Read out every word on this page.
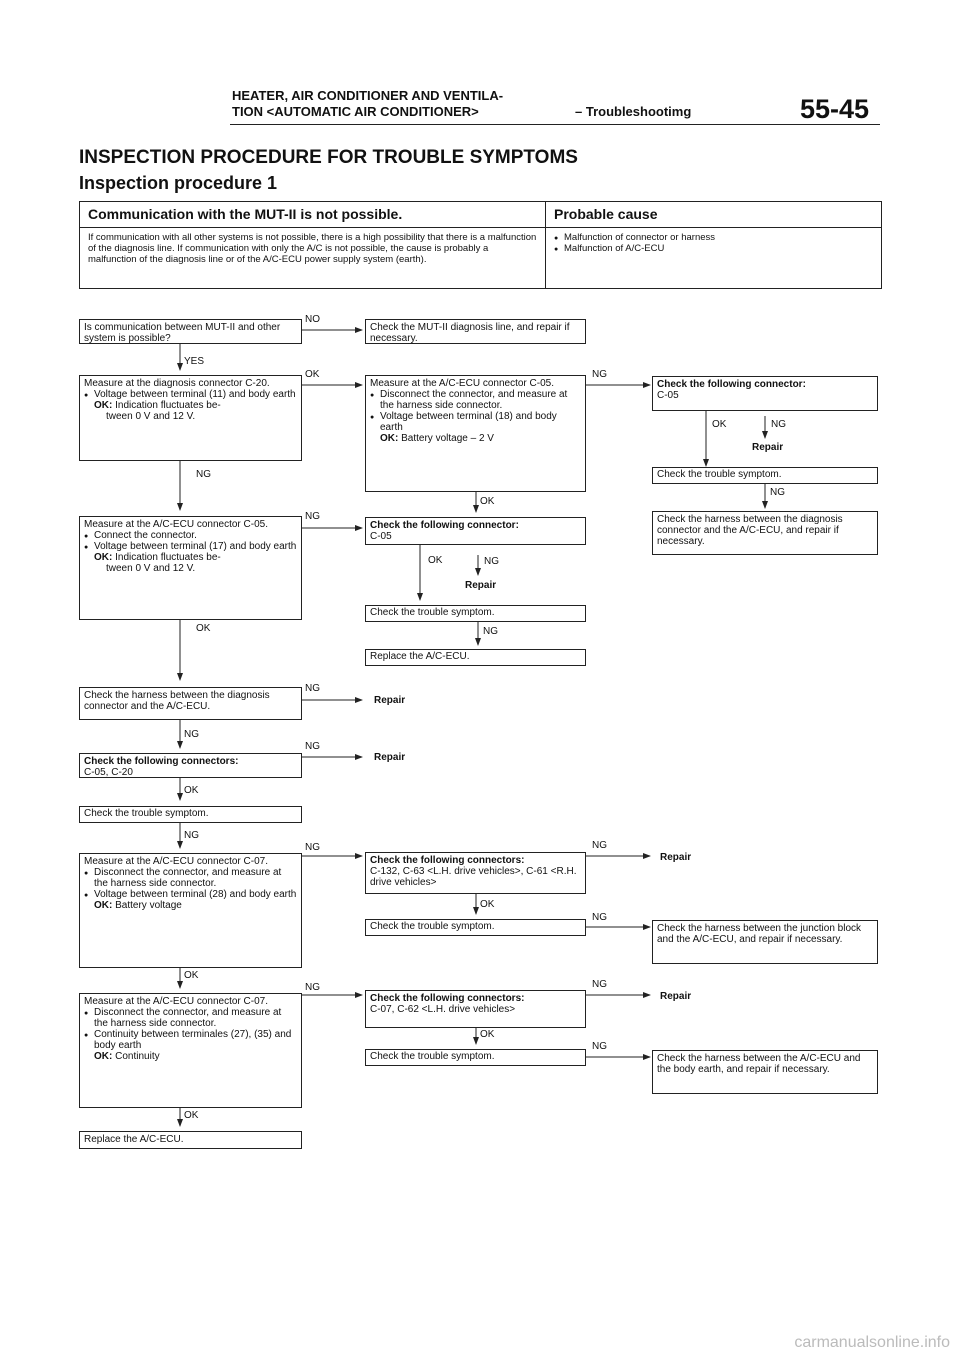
HEATER, AIR CONDITIONER AND VENTILA-
TION <AUTOMATIC AIR CONDITIONER>	– Troubleshootimg	55-45
INSPECTION PROCEDURE FOR TROUBLE SYMPTOMS
Inspection procedure 1
Communication with the MUT-II is not possible.	Probable cause
If communication with all other systems is not possible, there is a high possibility that there is a malfunction of the diagnosis line. If communication with only the A/C is not possible, the cause is probably a malfunction of the diagnosis line or of the A/C-ECU power supply system (earth).
● Malfunction of connector or harness
● Malfunction of A/C-ECU
NO
YES
OK	NG
NG
NG
OK
OK
NG
NG
NG
OK
NG
NG	NG
OK
NG
OK
NG	NG
OK
NG
OK
Is communication between MUT-II and other system is possible?
Measure at the diagnosis connector C-20.
● Voltage between terminal (11) and body earth
OK: Indication fluctuates be-
tween 0 V and 12 V.
Measure at the A/C-ECU connector C-05.
● Connect the connector.
● Voltage between terminal (17) and body earth
OK: Indication fluctuates be-
tween 0 V and 12 V.
Check the harness between the diagnosis connector and the A/C-ECU.
Check the following connectors:
C-05, C-20
Check the trouble symptom.
Measure at the A/C-ECU connector C-07.
● Disconnect the connector, and measure at the harness side connector.
● Voltage between terminal (28) and body earth
OK: Battery voltage
Measure at the A/C-ECU connector C-07.
● Disconnect the connector, and measure at the harness side connector.
● Continuity between terminales (27), (35) and body earth
OK: Continuity
Replace the A/C-ECU.
Check the MUT-II diagnosis line, and repair if necessary.
Measure at the A/C-ECU connector C-05.
● Disconnect the connector, and measure at the harness side connector.
● Voltage between terminal (18) and body earth
OK: Battery voltage – 2 V
Check the following connector:
C-05
OK	NG
Repair
Check the trouble symptom.
NG
Replace the A/C-ECU.
Repair
Repair
Check the following connectors:
C-132, C-63 <L.H. drive vehicles>, C-61 <R.H. drive vehicles>
Check the trouble symptom.
Check the following connectors:
C-07, C-62 <L.H. drive vehicles>
Check the trouble symptom.
Check the following connector:
C-05
OK	NG
Repair
Check the trouble symptom.
NG
Check the harness between the diagnosis connector and the A/C-ECU, and repair if necessary.
Repair
Check the harness between the junction block and the A/C-ECU, and repair if necessary.
Repair
Check the harness between the A/C-ECU and the body earth, and repair if necessary.
carmanualsonline.info
